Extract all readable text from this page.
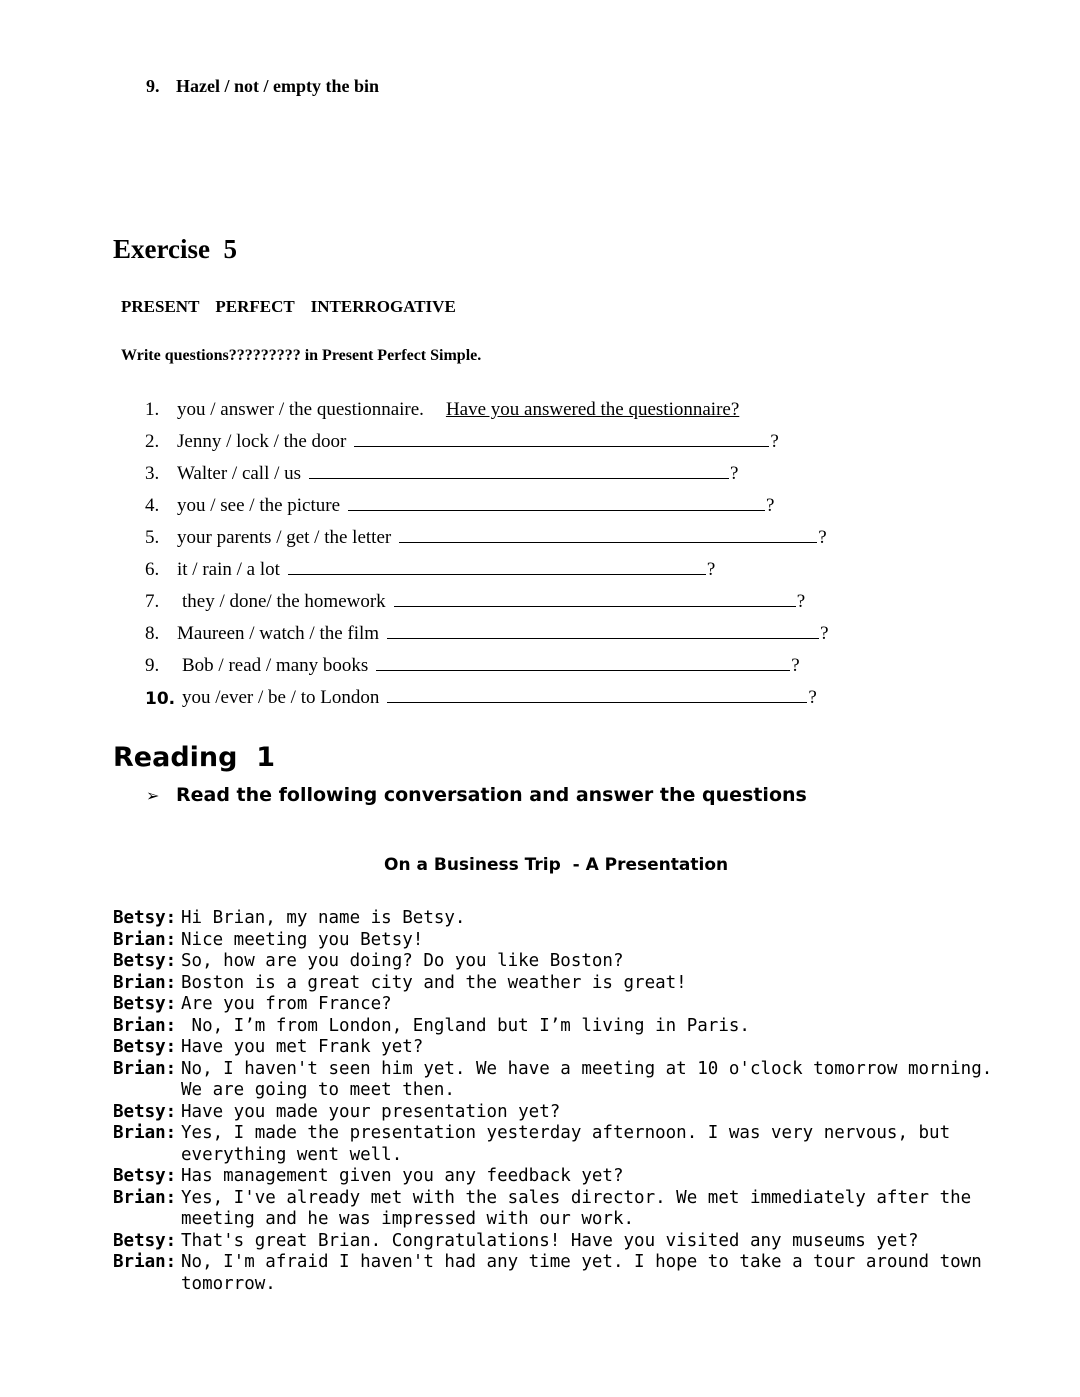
9. Hazel / not / empty the bin
Exercise  5
PRESENT PERFECT INTERROGATIVE
Write questions????????? in Present Perfect Simple.
1. you / answer / the questionnaire. Have you answered the questionnaire?
2. Jenny / lock / the door	?
3. Walter / call / us	?
4. you / see / the picture	?
5. your parents / get / the letter	?
6. it / rain / a lot	?
7.	they / done/ the homework	?
8. Maureen / watch / the film	?
9.	Bob / read / many books	?
10. you /ever / be / to London	?
Reading  1
➢ Read the following conversation and answer the questions
On a Business Trip  - A Presentation
Betsy: Hi Brian, my name is Betsy.
Brian: Nice meeting you Betsy!
Betsy: So, how are you doing? Do you like Boston?
Brian: Boston is a great city and the weather is great!
Betsy: Are you from France?
Brian: No, I’m from London, England but I’m living in Paris.
Betsy: Have you met Frank yet?
Brian: No, I haven't seen him yet. We have a meeting at 10 o'clock tomorrow morning. We are going to meet then.
Betsy: Have you made your presentation yet?
Brian: Yes, I made the presentation yesterday afternoon. I was very nervous, but everything went well.
Betsy: Has management given you any feedback yet?
Brian: Yes, I've already met with the sales director. We met immediately after the meeting and he was impressed with our work.
Betsy: That's great Brian. Congratulations! Have you visited any museums yet?
Brian: No, I'm afraid I haven't had any time yet. I hope to take a tour around town tomorrow.
